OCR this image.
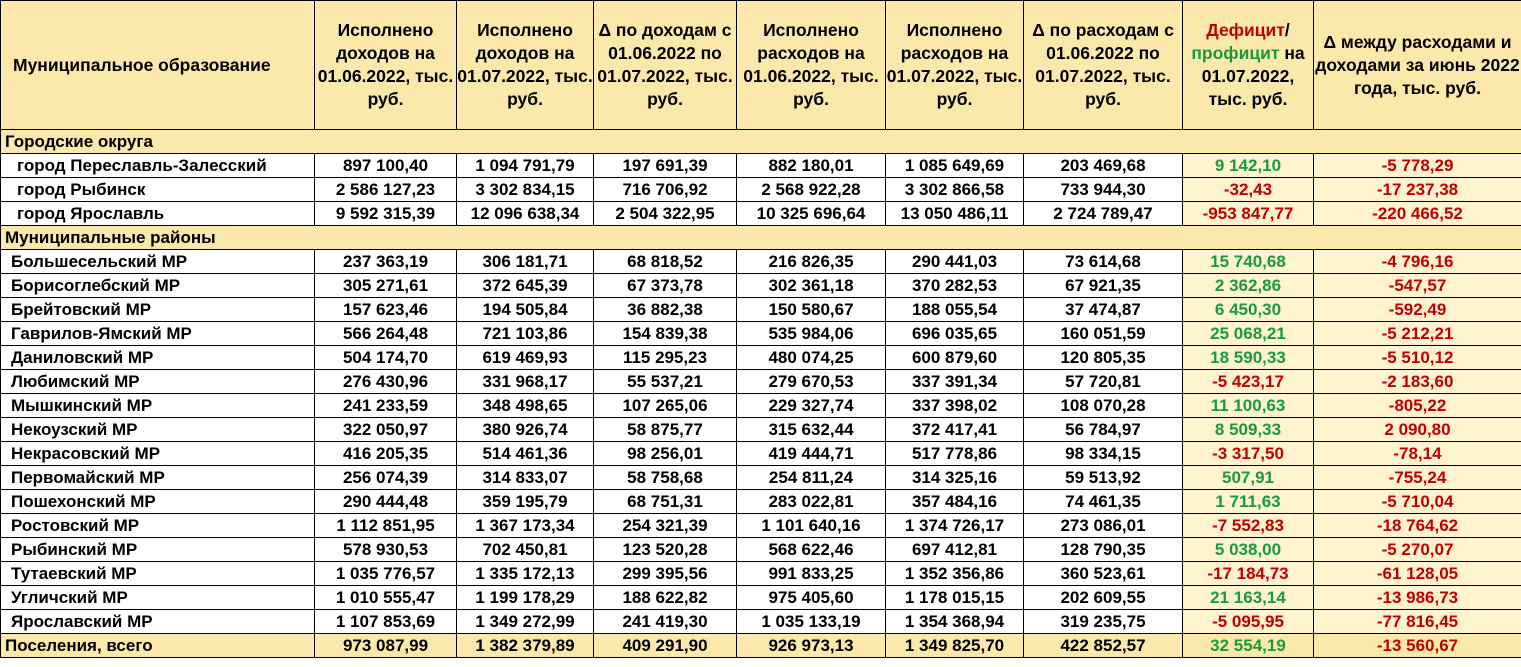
Муниципальное образование	Исполнено доходов на 01.06.2022, тыс. руб.	Исполнено доходов на 01.07.2022, тыс. руб.	Δ по доходам с 01.06.2022 по 01.07.2022, тыс. руб.	Исполнено расходов на 01.06.2022, тыс. руб.	Исполнено расходов на 01.07.2022, тыс. руб.	Δ по расходам с 01.06.2022 по 01.07.2022, тыс. руб.	Дефицит/
профицит на 01.07.2022, тыс. руб.	Δ между расходами и доходами за июнь 2022 года, тыс. руб.
Городские округа								
город Переславль-Залесский	897 100,40	1 094 791,79	197 691,39	882 180,01	1 085 649,69	203 469,68	9 142,10	-5 778,29
город Рыбинск	2 586 127,23	3 302 834,15	716 706,92	2 568 922,28	3 302 866,58	733 944,30	-32,43	-17 237,38
город Ярославль	9 592 315,39	12 096 638,34	2 504 322,95	10 325 696,64	13 050 486,11	2 724 789,47	-953 847,77	-220 466,52
Муниципальные районы								
Большесельский МР	237 363,19	306 181,71	68 818,52	216 826,35	290 441,03	73 614,68	15 740,68	-4 796,16
Борисоглебский МР	305 271,61	372 645,39	67 373,78	302 361,18	370 282,53	67 921,35	2 362,86	-547,57
Брейтовский МР	157 623,46	194 505,84	36 882,38	150 580,67	188 055,54	37 474,87	6 450,30	-592,49
Гаврилов-Ямский МР	566 264,48	721 103,86	154 839,38	535 984,06	696 035,65	160 051,59	25 068,21	-5 212,21
Даниловский МР	504 174,70	619 469,93	115 295,23	480 074,25	600 879,60	120 805,35	18 590,33	-5 510,12
Любимский МР	276 430,96	331 968,17	55 537,21	279 670,53	337 391,34	57 720,81	-5 423,17	-2 183,60
Мышкинский МР	241 233,59	348 498,65	107 265,06	229 327,74	337 398,02	108 070,28	11 100,63	-805,22
Некоузский МР	322 050,97	380 926,74	58 875,77	315 632,44	372 417,41	56 784,97	8 509,33	2 090,80
Некрасовский МР	416 205,35	514 461,36	98 256,01	419 444,71	517 778,86	98 334,15	-3 317,50	-78,14
Первомайский МР	256 074,39	314 833,07	58 758,68	254 811,24	314 325,16	59 513,92	507,91	-755,24
Пошехонский МР	290 444,48	359 195,79	68 751,31	283 022,81	357 484,16	74 461,35	1 711,63	-5 710,04
Ростовский МР	1 112 851,95	1 367 173,34	254 321,39	1 101 640,16	1 374 726,17	273 086,01	-7 552,83	-18 764,62
Рыбинский МР	578 930,53	702 450,81	123 520,28	568 622,46	697 412,81	128 790,35	5 038,00	-5 270,07
Тутаевский МР	1 035 776,57	1 335 172,13	299 395,56	991 833,25	1 352 356,86	360 523,61	-17 184,73	-61 128,05
Угличский МР	1 010 555,47	1 199 178,29	188 622,82	975 405,60	1 178 015,15	202 609,55	21 163,14	-13 986,73
Ярославский МР	1 107 853,69	1 349 272,99	241 419,30	1 035 133,19	1 354 368,94	319 235,75	-5 095,95	-77 816,45
Поселения, всего	973 087,99	1 382 379,89	409 291,90	926 973,13	1 349 825,70	422 852,57	32 554,19	-13 560,67
